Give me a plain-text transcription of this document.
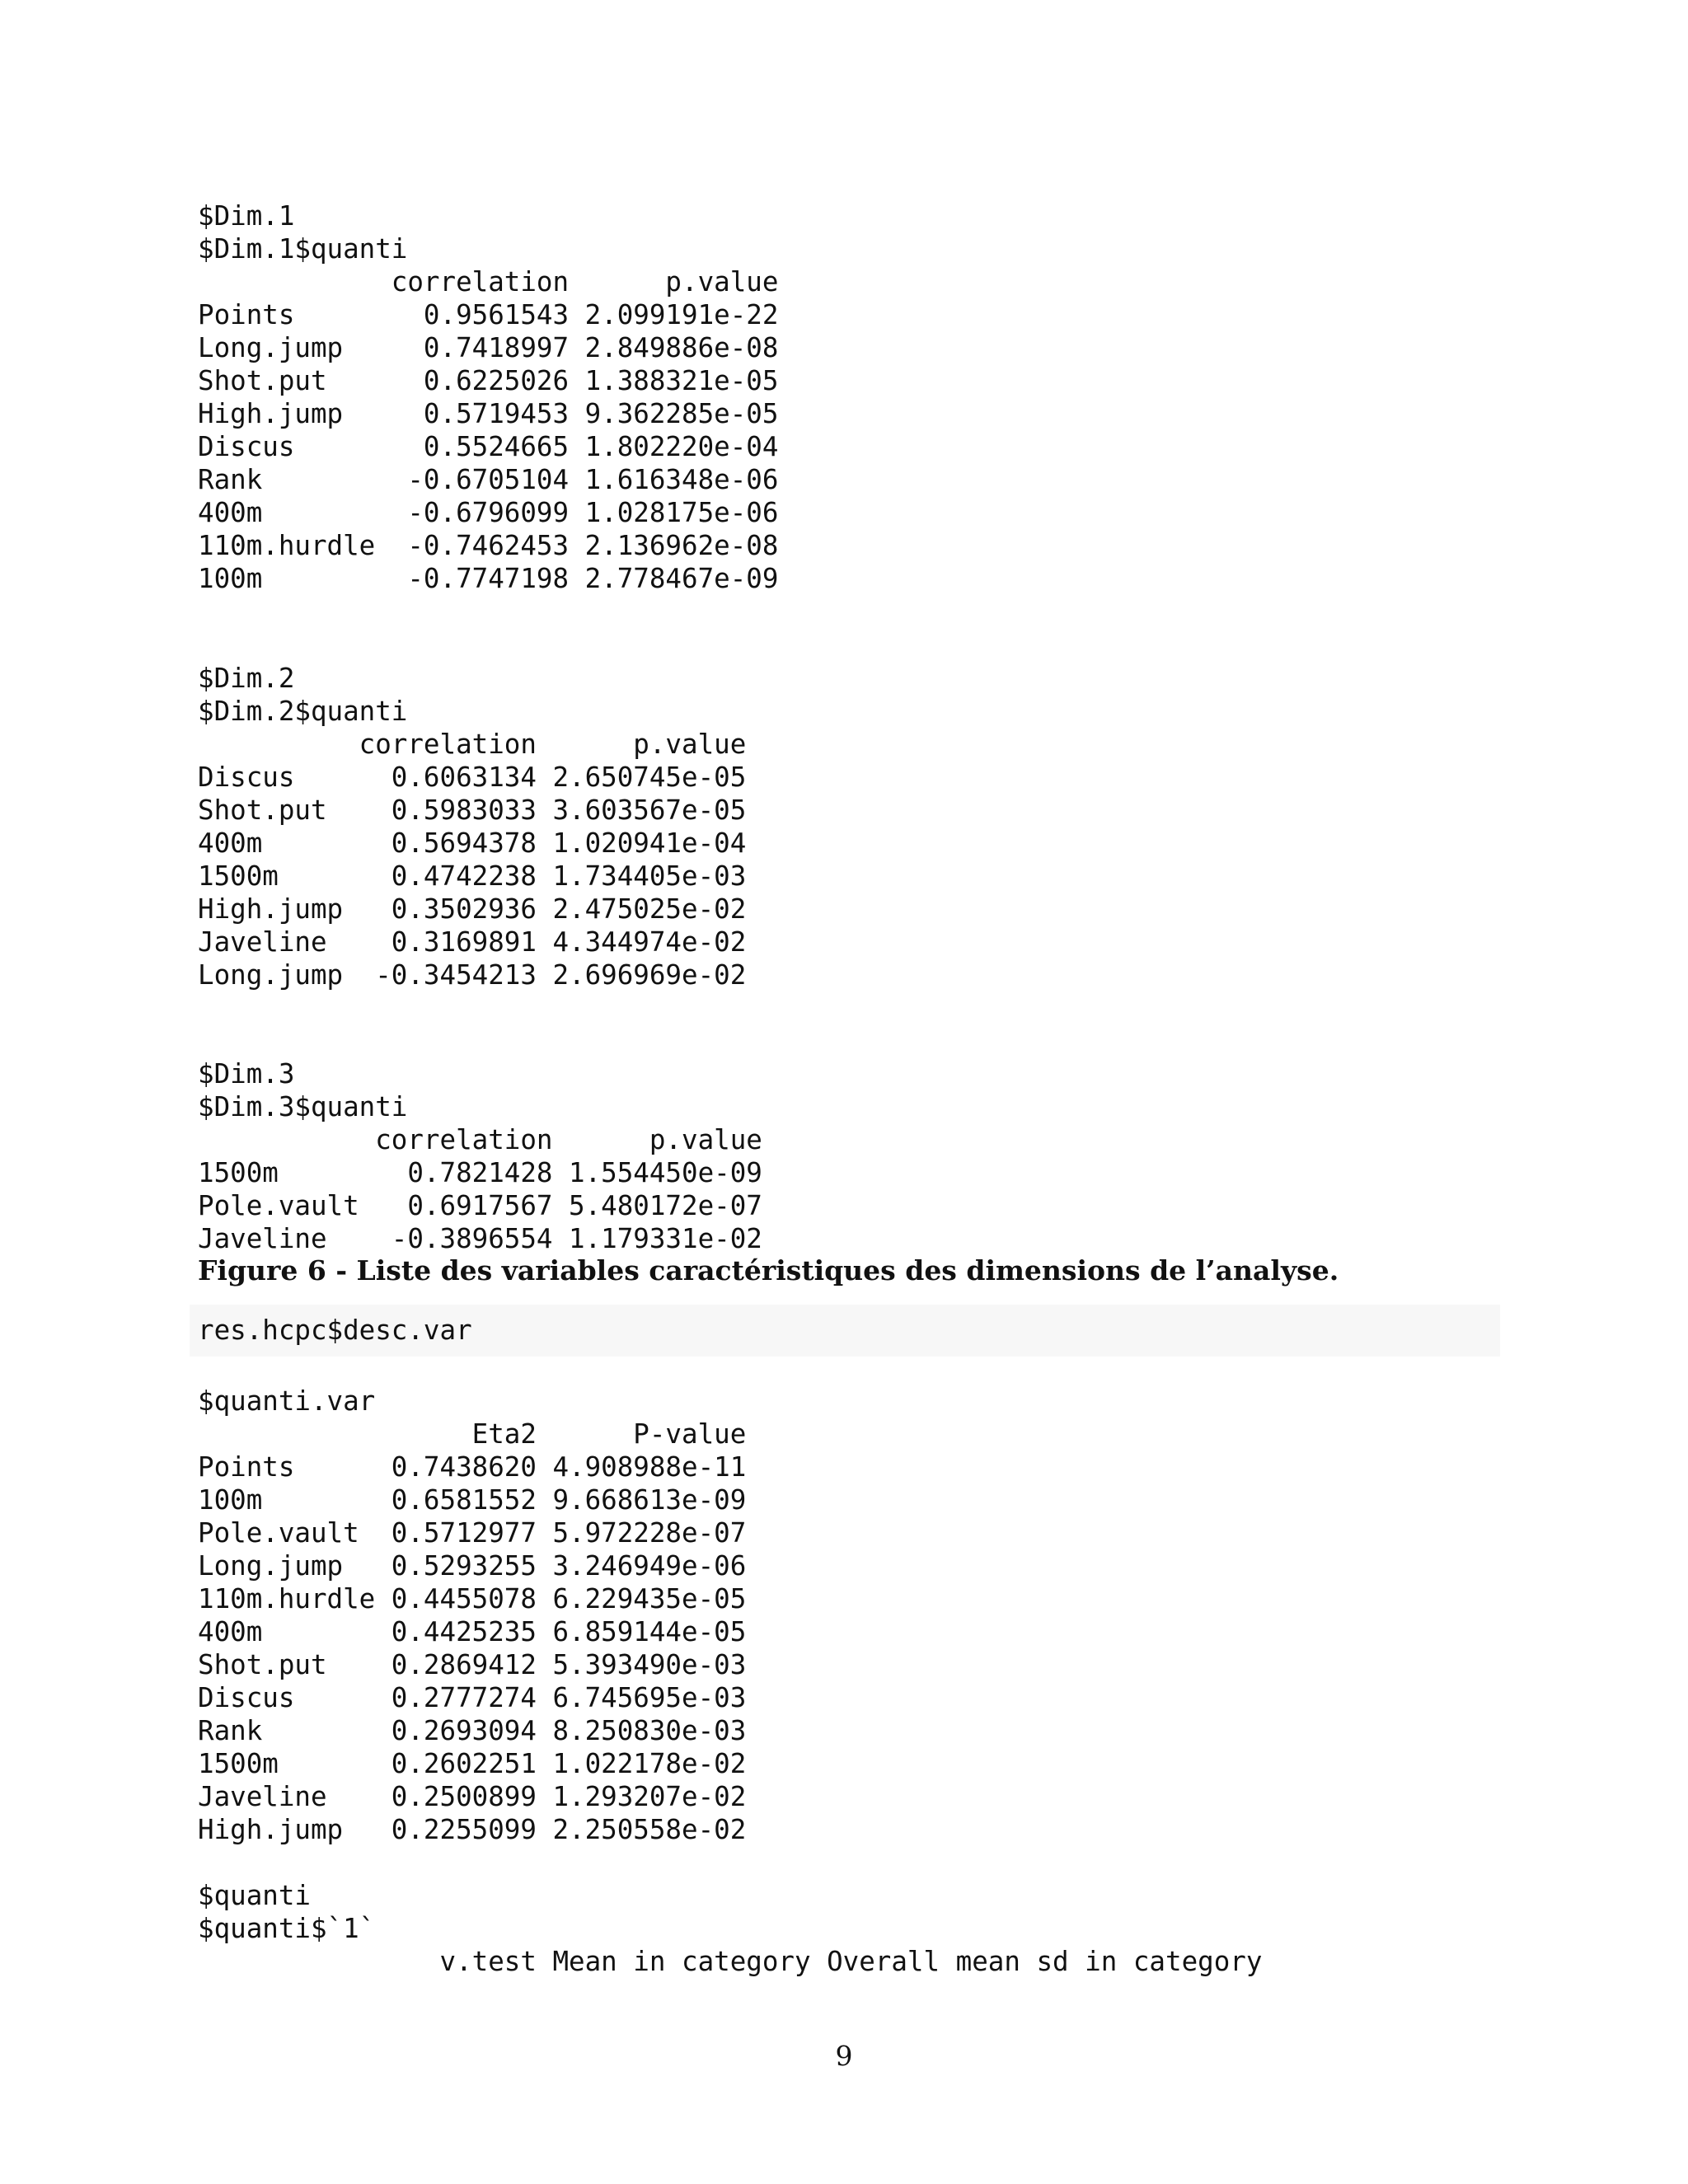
$Dim.1
$Dim.1$quanti
correlation      p.value
Points        0.9561543 2.099191e-22
Long.jump     0.7418997 2.849886e-08
Shot.put      0.6225026 1.388321e-05
High.jump     0.5719453 9.362285e-05
Discus        0.5524665 1.802220e-04
Rank         -0.6705104 1.616348e-06
400m         -0.6796099 1.028175e-06
110m.hurdle  -0.7462453 2.136962e-08
100m         -0.7747198 2.778467e-09
$Dim.2
$Dim.2$quanti
correlation      p.value
Discus      0.6063134 2.650745e-05
Shot.put    0.5983033 3.603567e-05
400m        0.5694378 1.020941e-04
1500m       0.4742238 1.734405e-03
High.jump   0.3502936 2.475025e-02
Javeline    0.3169891 4.344974e-02
Long.jump  -0.3454213 2.696969e-02
$Dim.3
$Dim.3$quanti
correlation      p.value
1500m        0.7821428 1.554450e-09
Pole.vault   0.6917567 5.480172e-07
Javeline    -0.3896554 1.179331e-02
Figure 6 - Liste des variables caractéristiques des dimensions de l’analyse.
res.hcpc$desc.var
$quanti.var
Eta2      P-value
Points      0.7438620 4.908988e-11
100m        0.6581552 9.668613e-09
Pole.vault  0.5712977 5.972228e-07
Long.jump   0.5293255 3.246949e-06
110m.hurdle 0.4455078 6.229435e-05
400m        0.4425235 6.859144e-05
Shot.put    0.2869412 5.393490e-03
Discus      0.2777274 6.745695e-03
Rank        0.2693094 8.250830e-03
1500m       0.2602251 1.022178e-02
Javeline    0.2500899 1.293207e-02
High.jump   0.2255099 2.250558e-02
$quanti
$quanti$`1`
v.test Mean in category Overall mean sd in category
9
